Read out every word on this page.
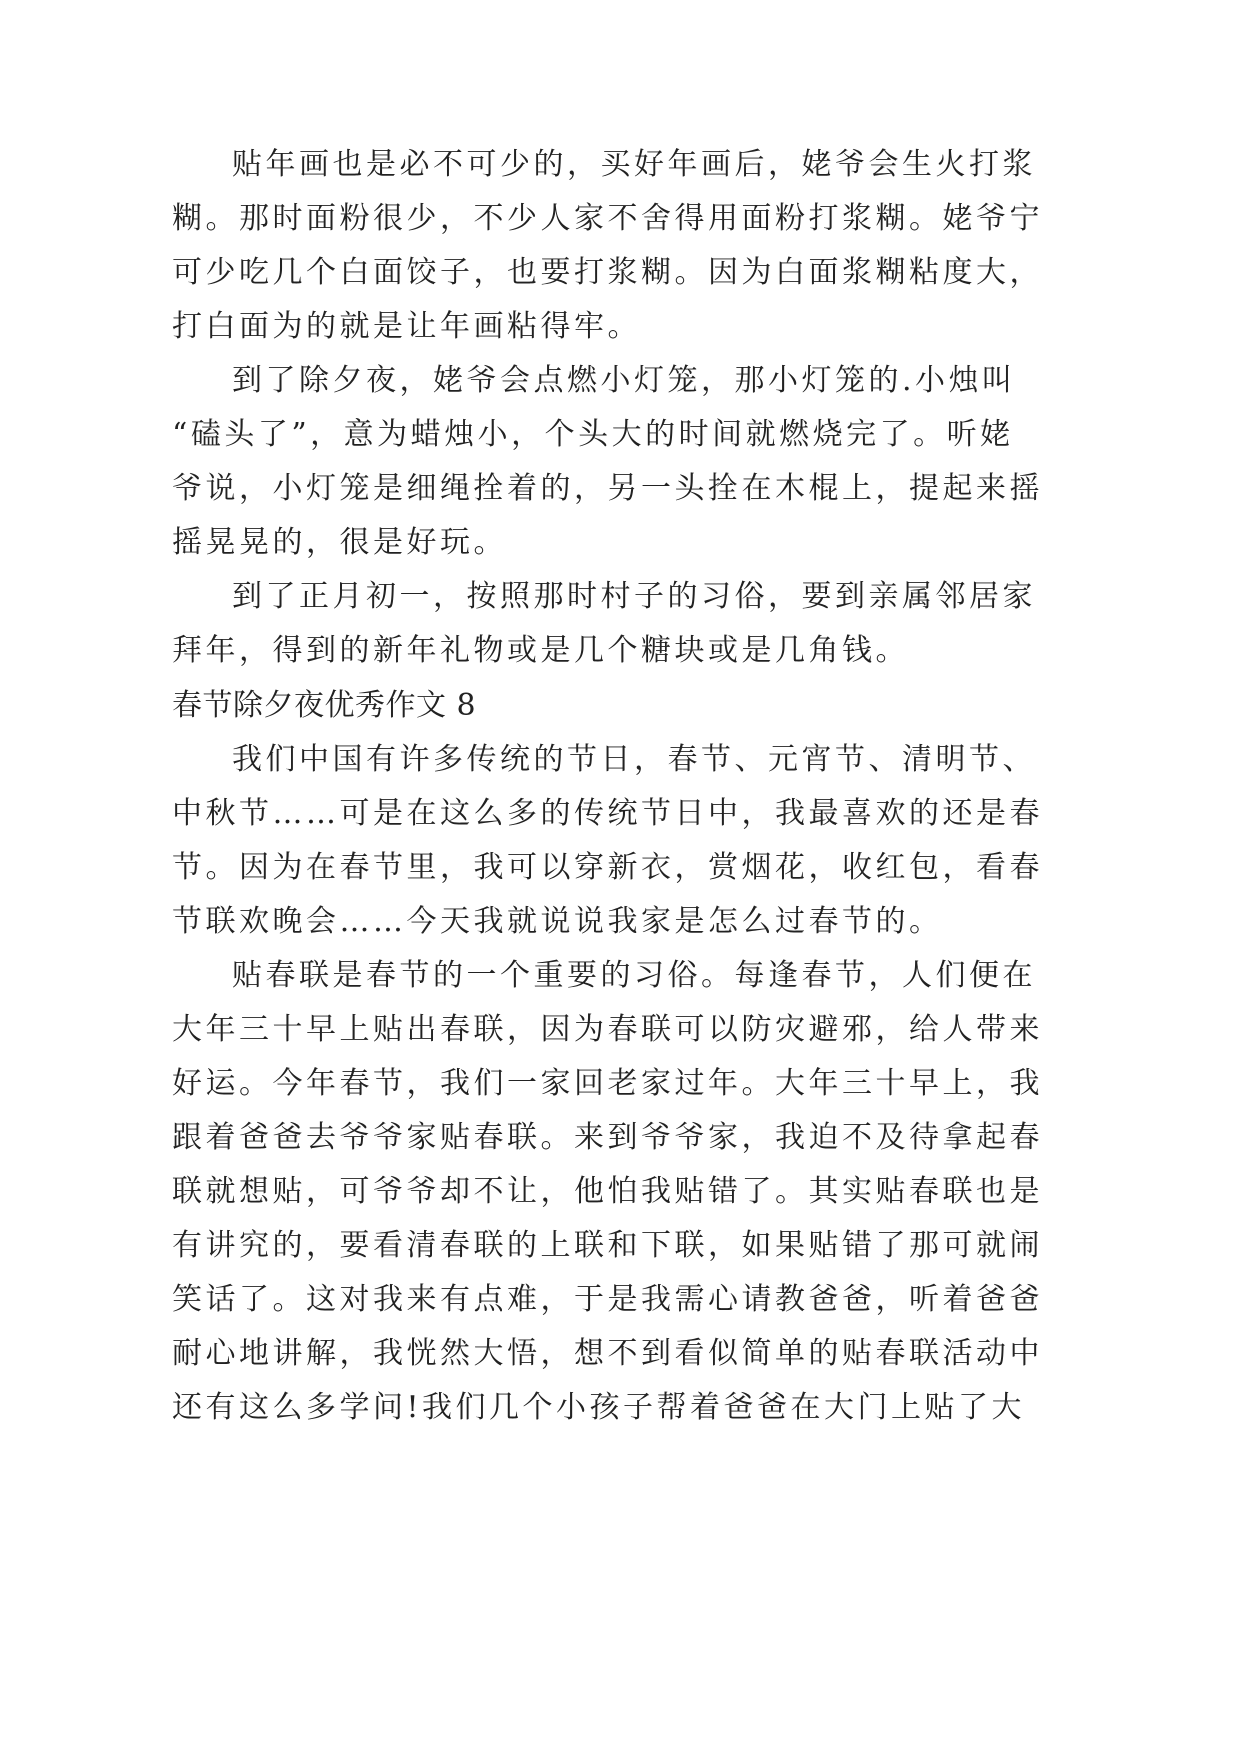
贴年画也是必不可少的，买好年画后，姥爷会生火打浆

糊。那时面粉很少，不少人家不舍得用面粉打浆糊。姥爷宁

可少吃几个白面饺子，也要打浆糊。因为白面浆糊粘度大，

打白面为的就是让年画粘得牢。

到了除夕夜，姥爷会点燃小灯笼，那小灯笼的.小烛叫

“磕头了”，意为蜡烛小，个头大的时间就燃烧完了。听姥

爷说，小灯笼是细绳拴着的，另一头拴在木棍上，提起来摇

摇晃晃的，很是好玩。

到了正月初一，按照那时村子的习俗，要到亲属邻居家

拜年，得到的新年礼物或是几个糖块或是几角钱。

春节除夕夜优秀作文 8

我们中国有许多传统的节日，春节、元宵节、清明节、

中秋节……可是在这么多的传统节日中，我最喜欢的还是春

节。因为在春节里，我可以穿新衣，赏烟花，收红包，看春

节联欢晚会……今天我就说说我家是怎么过春节的。

贴春联是春节的一个重要的习俗。每逢春节，人们便在

大年三十早上贴出春联，因为春联可以防灾避邪，给人带来

好运。今年春节，我们一家回老家过年。大年三十早上，我

跟着爸爸去爷爷家贴春联。来到爷爷家，我迫不及待拿起春

联就想贴，可爷爷却不让，他怕我贴错了。其实贴春联也是

有讲究的，要看清春联的上联和下联，如果贴错了那可就闹

笑话了。这对我来有点难，于是我需心请教爸爸，听着爸爸

耐心地讲解，我恍然大悟，想不到看似简单的贴春联活动中

还有这么多学问!我们几个小孩子帮着爸爸在大门上贴了大
